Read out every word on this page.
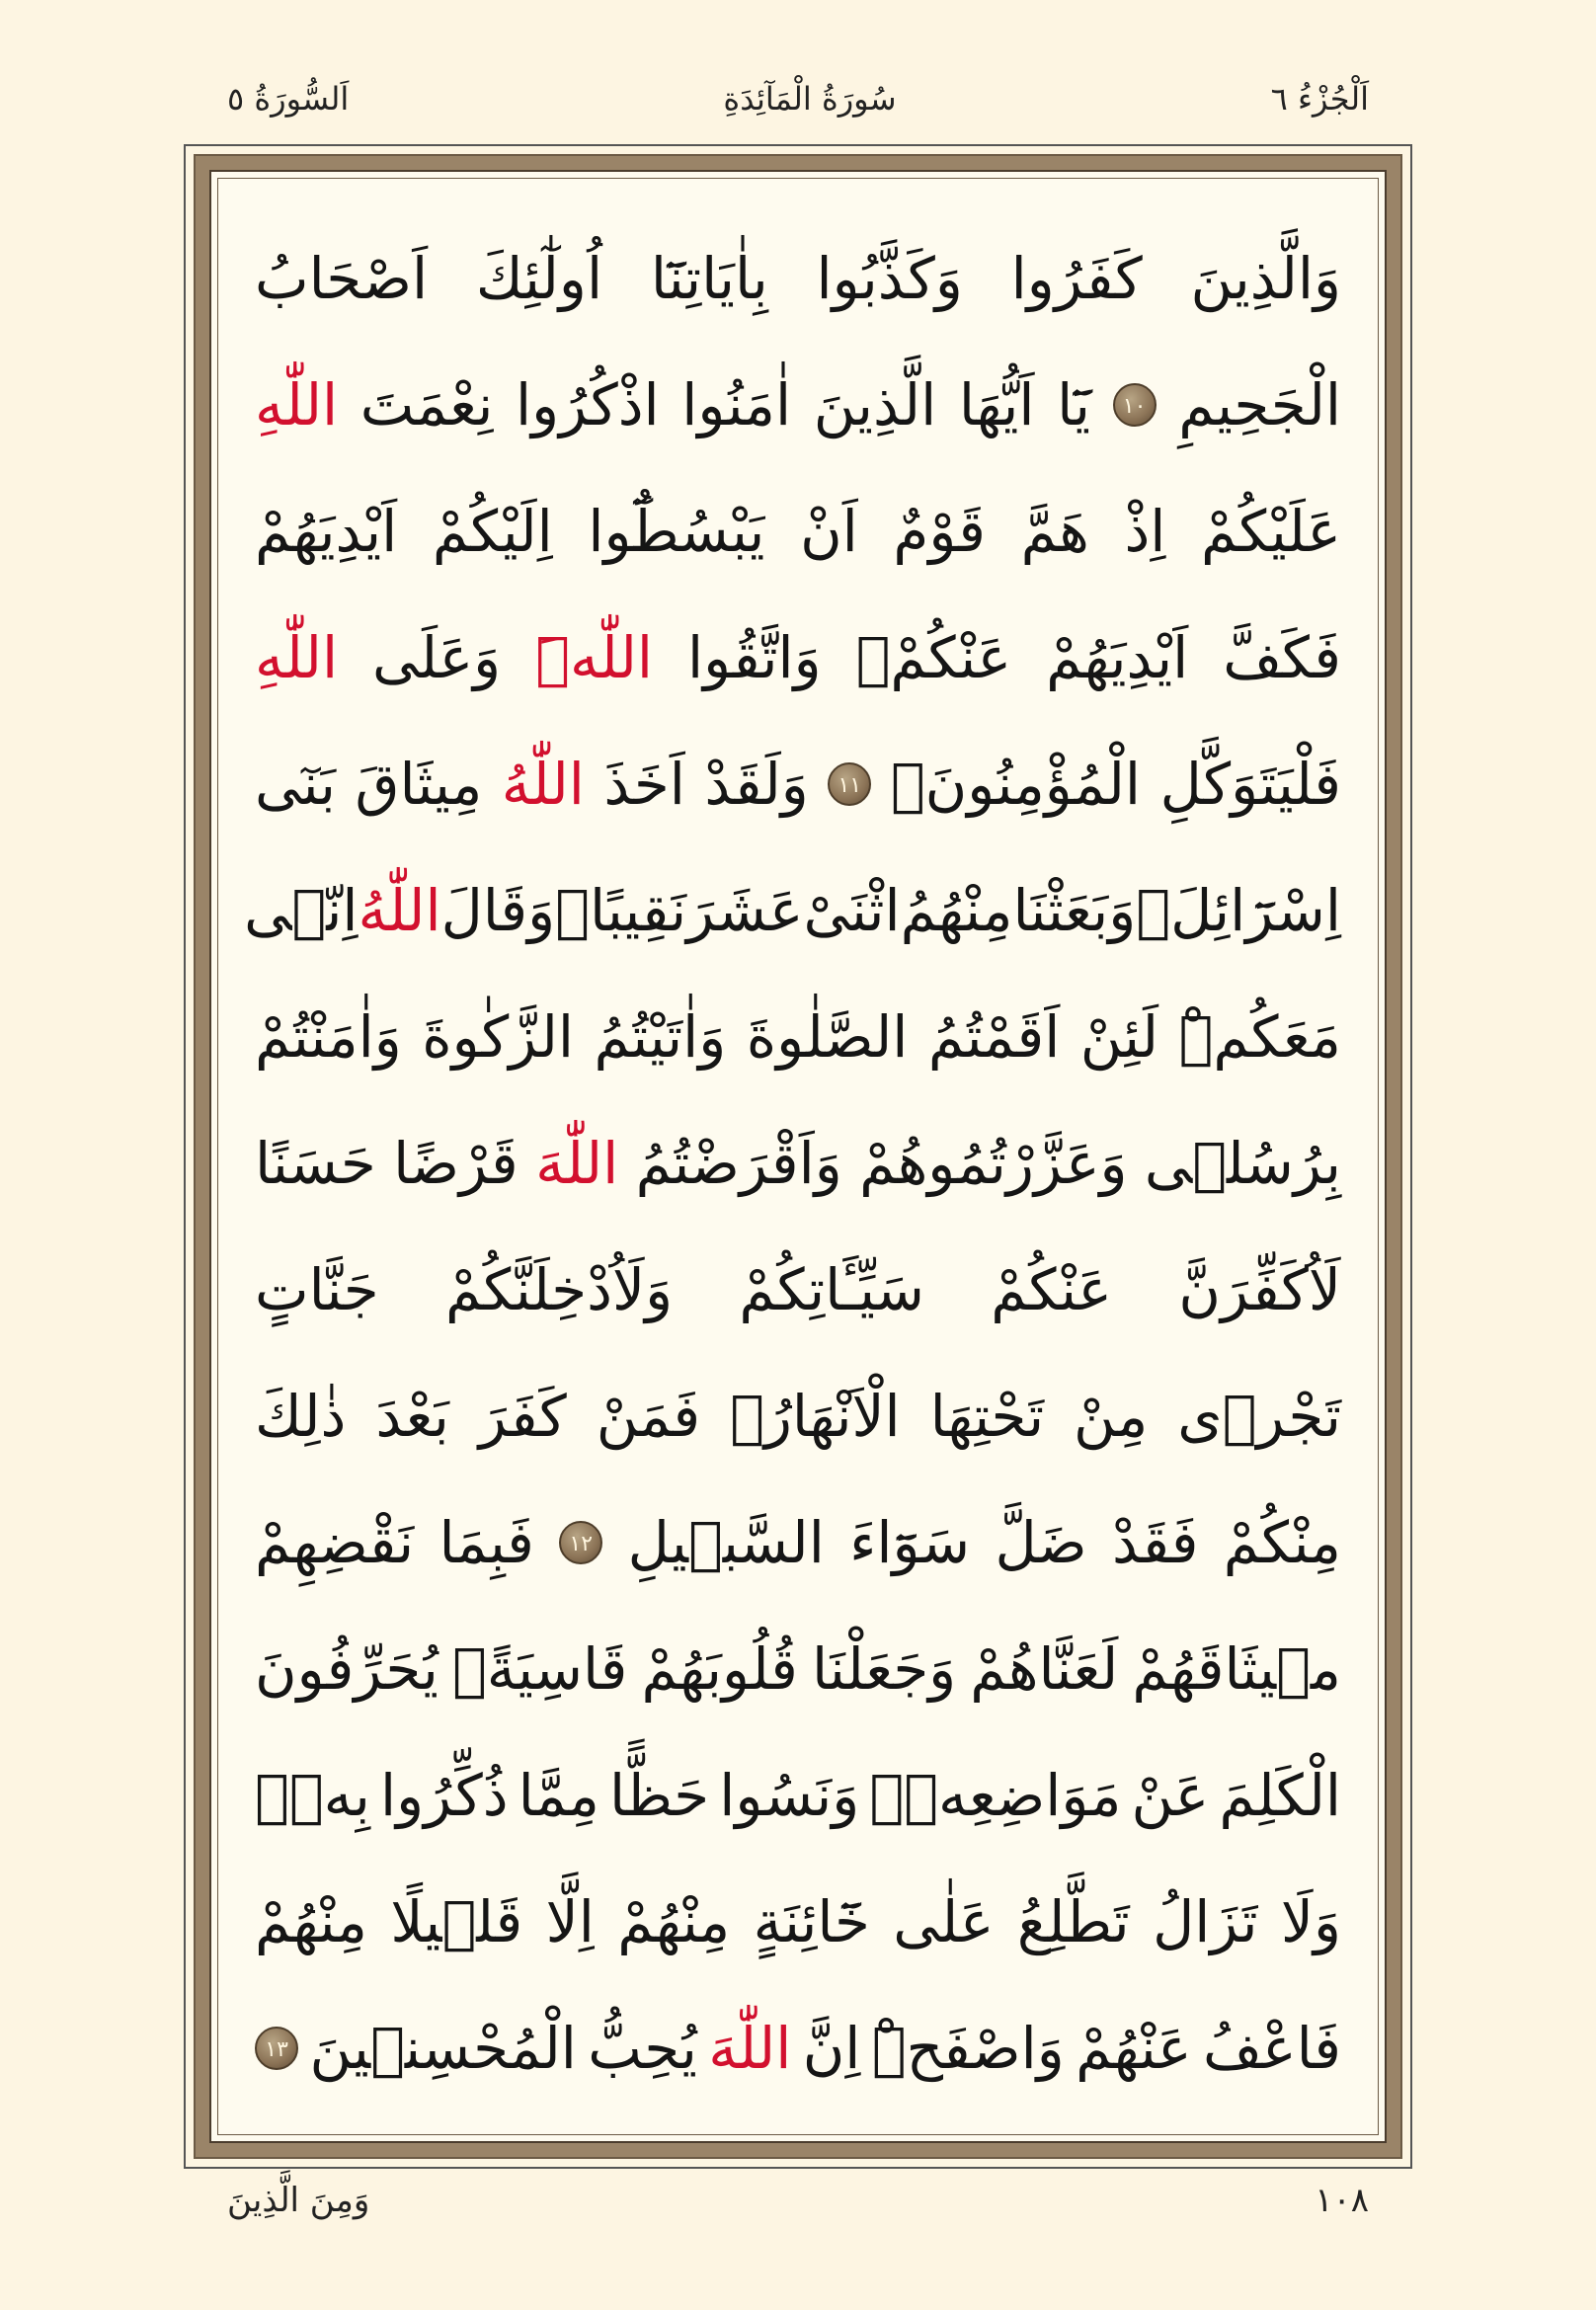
اَلْجُزْءُ ٦
سُورَةُ الْمَآئِدَةِ
اَلسُّورَةُ ٥
وَالَّذِينَ
كَفَرُوا
وَكَذَّبُوا
بِاٰيَاتِنَٓا
اُولٰٓئِكَ
اَصْحَابُ
الْجَحِيمِ
١٠
يَٓا
اَيُّهَا
الَّذِينَ
اٰمَنُوا
اذْكُرُوا
نِعْمَتَ
اللّٰهِ
عَلَيْكُمْ
اِذْ
هَمَّ
قَوْمٌ
اَنْ
يَبْسُطُٓوا
اِلَيْكُمْ
اَيْدِيَهُمْ
فَكَفَّ
اَيْدِيَهُمْ
عَنْكُمْۚ
وَاتَّقُوا
اللّٰهَۜ
وَعَلَى
اللّٰهِ
فَلْيَتَوَكَّلِ
الْمُؤْمِنُونَ۟
١١
وَلَقَدْ
اَخَذَ
اللّٰهُ
مِيثَاقَ
بَنٓى
اِسْرَٓائِلَۚ
وَبَعَثْنَا
مِنْهُمُ
اثْنَىْ
عَشَرَ
نَقِيبًاۜ
وَقَالَ
اللّٰهُ
اِنّٖى
مَعَكُمْۜ
لَئِنْ
اَقَمْتُمُ
الصَّلٰوةَ
وَاٰتَيْتُمُ
الزَّكٰوةَ
وَاٰمَنْتُمْ
بِرُسُلٖى
وَعَزَّرْتُمُوهُمْ
وَاَقْرَضْتُمُ
اللّٰهَ
قَرْضًا
حَسَنًا
لَاُكَفِّرَنَّ
عَنْكُمْ
سَيِّـَٔاتِكُمْ
وَلَاُدْخِلَنَّكُمْ
جَنَّاتٍ
تَجْرٖى
مِنْ
تَحْتِهَا
الْاَنْهَارُۚ
فَمَنْ
كَفَرَ
بَعْدَ
ذٰلِكَ
مِنْكُمْ
فَقَدْ
ضَلَّ
سَوَٓاءَ
السَّبٖيلِ
١٢
فَبِمَا
نَقْضِهِمْ
مٖيثَاقَهُمْ
لَعَنَّاهُمْ
وَجَعَلْنَا
قُلُوبَهُمْ
قَاسِيَةًۚ
يُحَرِّفُونَ
الْكَلِمَ
عَنْ
مَوَاضِعِهٖۙ
وَنَسُوا
حَظًّا
مِمَّا
ذُكِّرُوا
بِهٖۚ
وَلَا
تَزَالُ
تَطَّلِعُ
عَلٰى
خَٓائِنَةٍ
مِنْهُمْ
اِلَّا
قَلٖيلًا
مِنْهُمْ
فَاعْفُ
عَنْهُمْ
وَاصْفَحْۜ
اِنَّ
اللّٰهَ
يُحِبُّ
الْمُحْسِنٖينَ
١٣
١٠٨
وَمِنَ الَّذِينَ
